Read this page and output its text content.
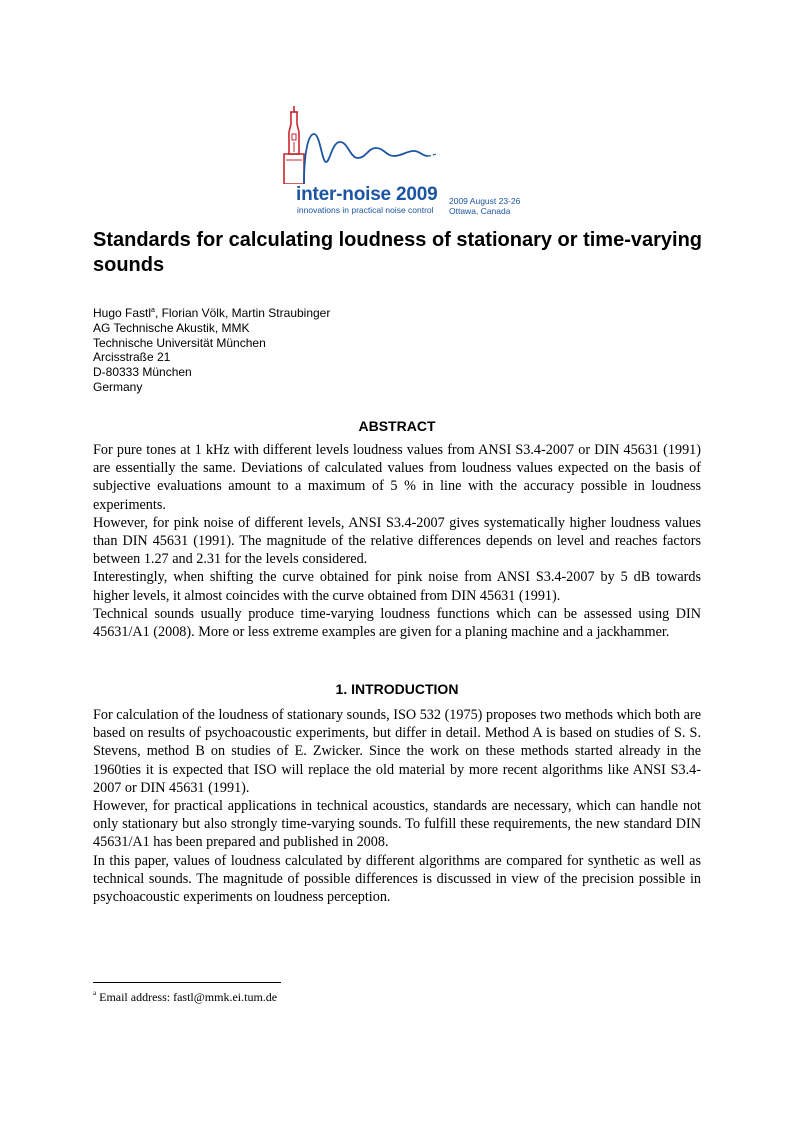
inter-noise 2009
innovations in practical noise control
2009 August 23-26
Ottawa, Canada
Standards for calculating loudness of stationary or time-varying sounds
Hugo Fastl$^a$, Florian Völk, Martin Straubinger
AG Technische Akustik, MMK
Technische Universität München
Arcisstraße 21
D-80333 München
Germany
ABSTRACT

For pure tones at 1 kHz with different levels loudness values from ANSI S3.4-2007 or DIN 45631 (1991) are essentially the same. Deviations of calculated values from loudness values expected on the basis of subjective evaluations amount to a maximum of 5 % in line with the accuracy possible in loudness experiments.

However, for pink noise of different levels, ANSI S3.4-2007 gives systematically higher loudness values than DIN 45631 (1991). The magnitude of the relative differences depends on level and reaches factors between 1.27 and 2.31 for the levels considered.

Interestingly, when shifting the curve obtained for pink noise from ANSI S3.4-2007 by 5 dB towards higher levels, it almost coincides with the curve obtained from DIN 45631 (1991).

Technical sounds usually produce time-varying loudness functions which can be assessed using DIN 45631/A1 (2008). More or less extreme examples are given for a planing machine and a jackhammer.

1. INTRODUCTION

For calculation of the loudness of stationary sounds, ISO 532 (1975) proposes two methods which both are based on results of psychoacoustic experiments, but differ in detail. Method A is based on studies of S. S. Stevens, method B on studies of E. Zwicker. Since the work on these methods started already in the 1960ties it is expected that ISO will replace the old material by more recent algorithms like ANSI S3.4-2007 or DIN 45631 (1991).

However, for practical applications in technical acoustics, standards are necessary, which can handle not only stationary but also strongly time-varying sounds. To fulfill these requirements, the new standard DIN 45631/A1 has been prepared and published in 2008.

In this paper, values of loudness calculated by different algorithms are compared for synthetic as well as technical sounds. The magnitude of possible differences is discussed in view of the precision possible in psychoacoustic experiments on loudness perception.

$^a$ Email address: fastl@mmk.ei.tum.de
